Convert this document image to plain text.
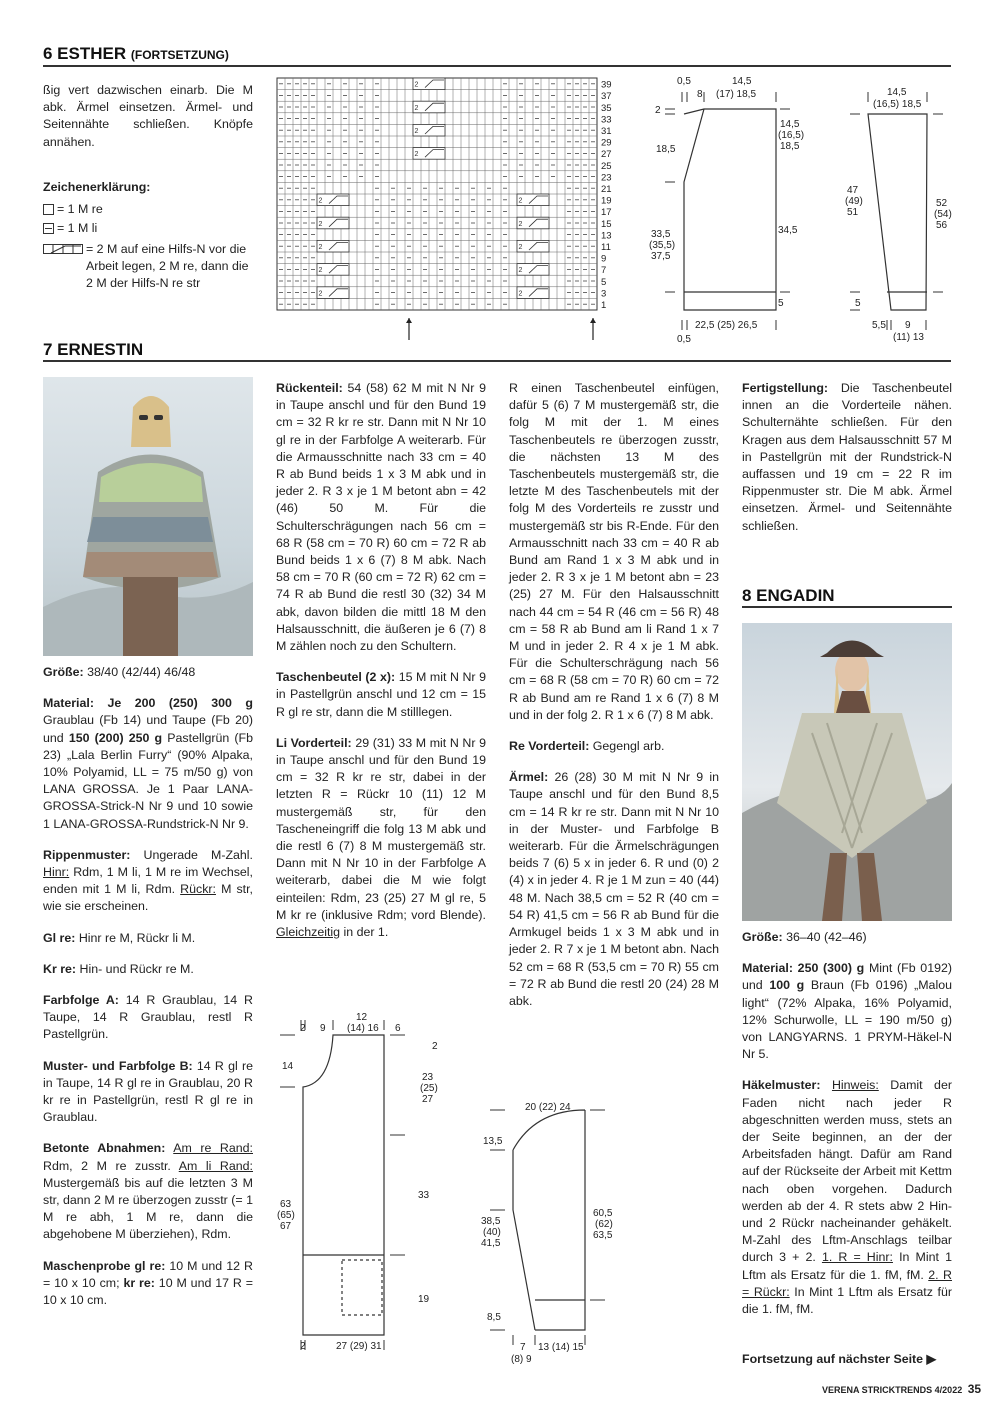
6 ESTHER (FORTSETZUNG)

ßig vert dazwischen einarb. Die M abk. Ärmel einsetzen. Ärmel- und Seitennähte schließen. Knöpfe annähen.

Zeichenerklärung:
= 1 M re
= 1 M li
= 2 M auf eine Hilfs-N vor die Arbeit legen, 2 M re, dann die 2 M der Hilfs-N re str
2
2
2
2
2	2
2	2
2	2
2	2
2	2
39
37
35
33
31
29
27
25
23
21
19
17
15
13
11
9
7
5
3
1
0,5
8
14,5
(17) 18,5
2
18,5
14,5
(16,5)
18,5
33,5
(35,5)
37,5
34,5
5
22,5 (25) 26,5
0,5
14,5
(16,5) 18,5
47
(49)
51
52
(54)
56
5
5,5 9
(11) 13
7 ERNESTIN

Größe: 38/40 (42/44) 46/48

Material: Je 200 (250) 300 g Graublau (Fb 14) und Taupe (Fb 20) und 150 (200) 250 g Pastellgrün (Fb 23) „Lala Berlin Furry“ (90% Alpaka, 10% Polyamid, LL = 75 m/50 g) von LANA GROSSA. Je 1 Paar LANA-GROSSA-Strick-N Nr 9 und 10 sowie 1 LANA-GROSSA-Rundstrick-N Nr 9.

Rippenmuster: Ungerade M-Zahl. Hinr: Rdm, 1 M li, 1 M re im Wechsel, enden mit 1 M li, Rdm. Rückr: M str, wie sie erscheinen.

Gl re: Hinr re M, Rückr li M.

Kr re: Hin- und Rückr re M.

Farbfolge A: 14 R Graublau, 14 R Taupe, 14 R Graublau, restl R Pastellgrün.

Muster- und Farbfolge B: 14 R gl re in Taupe, 14 R gl re in Graublau, 20 R kr re in Pastellgrün, restl R gl re in Graublau.

Betonte Abnahmen: Am re Rand: Rdm, 2 M re zusstr. Am li Rand: Mustergemäß bis auf die letzten 3 M str, dann 2 M re überzogen zusstr (= 1 M re abh, 1 M re, dann die abgehobene M überziehen), Rdm.

Maschenprobe gl re: 10 M und 12 R = 10 x 10 cm; kr re: 10 M und 17 R = 10 x 10 cm.

Rückenteil: 54 (58) 62 M mit N Nr 9 in Taupe anschl und für den Bund 19 cm = 32 R kr re str. Dann mit N Nr 10 gl re in der Farbfolge A weiterarb. Für die Armausschnitte nach 33 cm = 40 R ab Bund beids 1 x 3 M abk und in jeder 2. R 3 x je 1 M betont abn = 42 (46) 50 M. Für die Schulterschrägungen nach 56 cm = 68 R (58 cm = 70 R) 60 cm = 72 R ab Bund beids 1 x 6 (7) 8 M abk. Nach 58 cm = 70 R (60 cm = 72 R) 62 cm = 74 R ab Bund die restl 30 (32) 34 M abk, davon bilden die mittl 18 M den Halsausschnitt, die äußeren je 6 (7) 8 M zählen noch zu den Schultern.

Taschenbeutel (2 x): 15 M mit N Nr 9 in Pastellgrün anschl und 12 cm = 15 R gl re str, dann die M stilllegen.

Li Vorderteil: 29 (31) 33 M mit N Nr 9 in Taupe anschl und für den Bund 19 cm = 32 R kr re str, dabei in der letzten R = Rückr 10 (11) 12 M mustergemäß str, für den Tascheneingriff die folg 13 M abk und die restl 6 (7) 8 M mustergemäß str. Dann mit N Nr 10 in der Farbfolge A weiterarb, dabei die M wie folgt einteilen: Rdm, 23 (25) 27 M gl re, 5 M kr re (inklusive Rdm; vord Blende). Gleichzeitig in der 1.

R einen Taschenbeutel einfügen, dafür 5 (6) 7 M mustergemäß str, die folg M mit der 1. M eines Taschenbeutels re überzogen zusstr, die nächsten 13 M des Taschenbeutels mustergemäß str, die letzte M des Taschenbeutels mit der folg M des Vorderteils re zusstr und mustergemäß str bis R-Ende. Für den Armausschnitt nach 33 cm = 40 R ab Bund am Rand 1 x 3 M abk und in jeder 2. R 3 x je 1 M betont abn = 23 (25) 27 M. Für den Halsausschnitt nach 44 cm = 54 R (46 cm = 56 R) 48 cm = 58 R ab Bund am li Rand 1 x 7 M und in jeder 2. R 4 x je 1 M abk. Für die Schulterschrägung nach 56 cm = 68 R (58 cm = 70 R) 60 cm = 72 R ab Bund am re Rand 1 x 6 (7) 8 M und in der folg 2. R 1 x 6 (7) 8 M abk.

Re Vorderteil: Gegengl arb.

Ärmel: 26 (28) 30 M mit N Nr 9 in Taupe anschl und für den Bund 8,5 cm = 14 R kr re str. Dann mit N Nr 10 in der Muster- und Farbfolge B weiterarb. Für die Ärmelschrägungen beids 7 (6) 5 x in jeder 6. R und (0) 2 (4) x in jeder 4. R je 1 M zun = 40 (44) 48 M. Nach 38,5 cm = 52 R (40 cm = 54 R) 41,5 cm = 56 R ab Bund für die Armkugel beids 1 x 3 M abk und in jeder 2. R 7 x je 1 M betont abn. Nach 52 cm = 68 R (53,5 cm = 70 R) 55 cm = 72 R ab Bund die restl 20 (24) 28 M abk.

Fertigstellung: Die Taschenbeutel innen an die Vorderteile nähen. Schulternähte schließen. Für den Kragen aus dem Halsausschnitt 57 M in Pastellgrün mit der Rundstrick-N auffassen und 19 cm = 22 R im Rippenmuster str. Die M abk. Ärmel einsetzen. Ärmel- und Seitennähte schließen.

2 9
12
(14) 16 6
2
14
23
(25)
27
33
63
(65)
67
19
2	27 (29) 31
20 (22) 24
13,5
60,5
(62)
63,5
38,5
(40)
41,5
8,5
7
(8) 9
13 (14) 15
8 ENGADIN

Größe: 36–40 (42–46)

Material: 250 (300) g Mint (Fb 0192) und 100 g Braun (Fb 0196) „Malou light“ (72% Alpaka, 16% Polyamid, 12% Schurwolle, LL = 190 m/50 g) von LANGYARNS. 1 PRYM-Häkel-N Nr 5.

Häkelmuster: Hinweis: Damit der Faden nicht nach jeder R abgeschnitten werden muss, stets an der Seite beginnen, an der der Arbeitsfaden hängt. Dafür am Rand auf der Rückseite der Arbeit mit Kettm nach oben vorgehen. Dadurch werden ab der 4. R stets abw 2 Hin- und 2 Rückr nacheinander gehäkelt. M-Zahl des Lftm-Anschlags teilbar durch 3 + 2. 1. R = Hinr: In Mint 1 Lftm als Ersatz für die 1. fM, fM. 2. R = Rückr: In Mint 1 Lftm als Ersatz für die 1. fM, fM.

Fortsetzung auf nächster Seite ▶
VERENA STRICKTRENDS 4/2022 35
